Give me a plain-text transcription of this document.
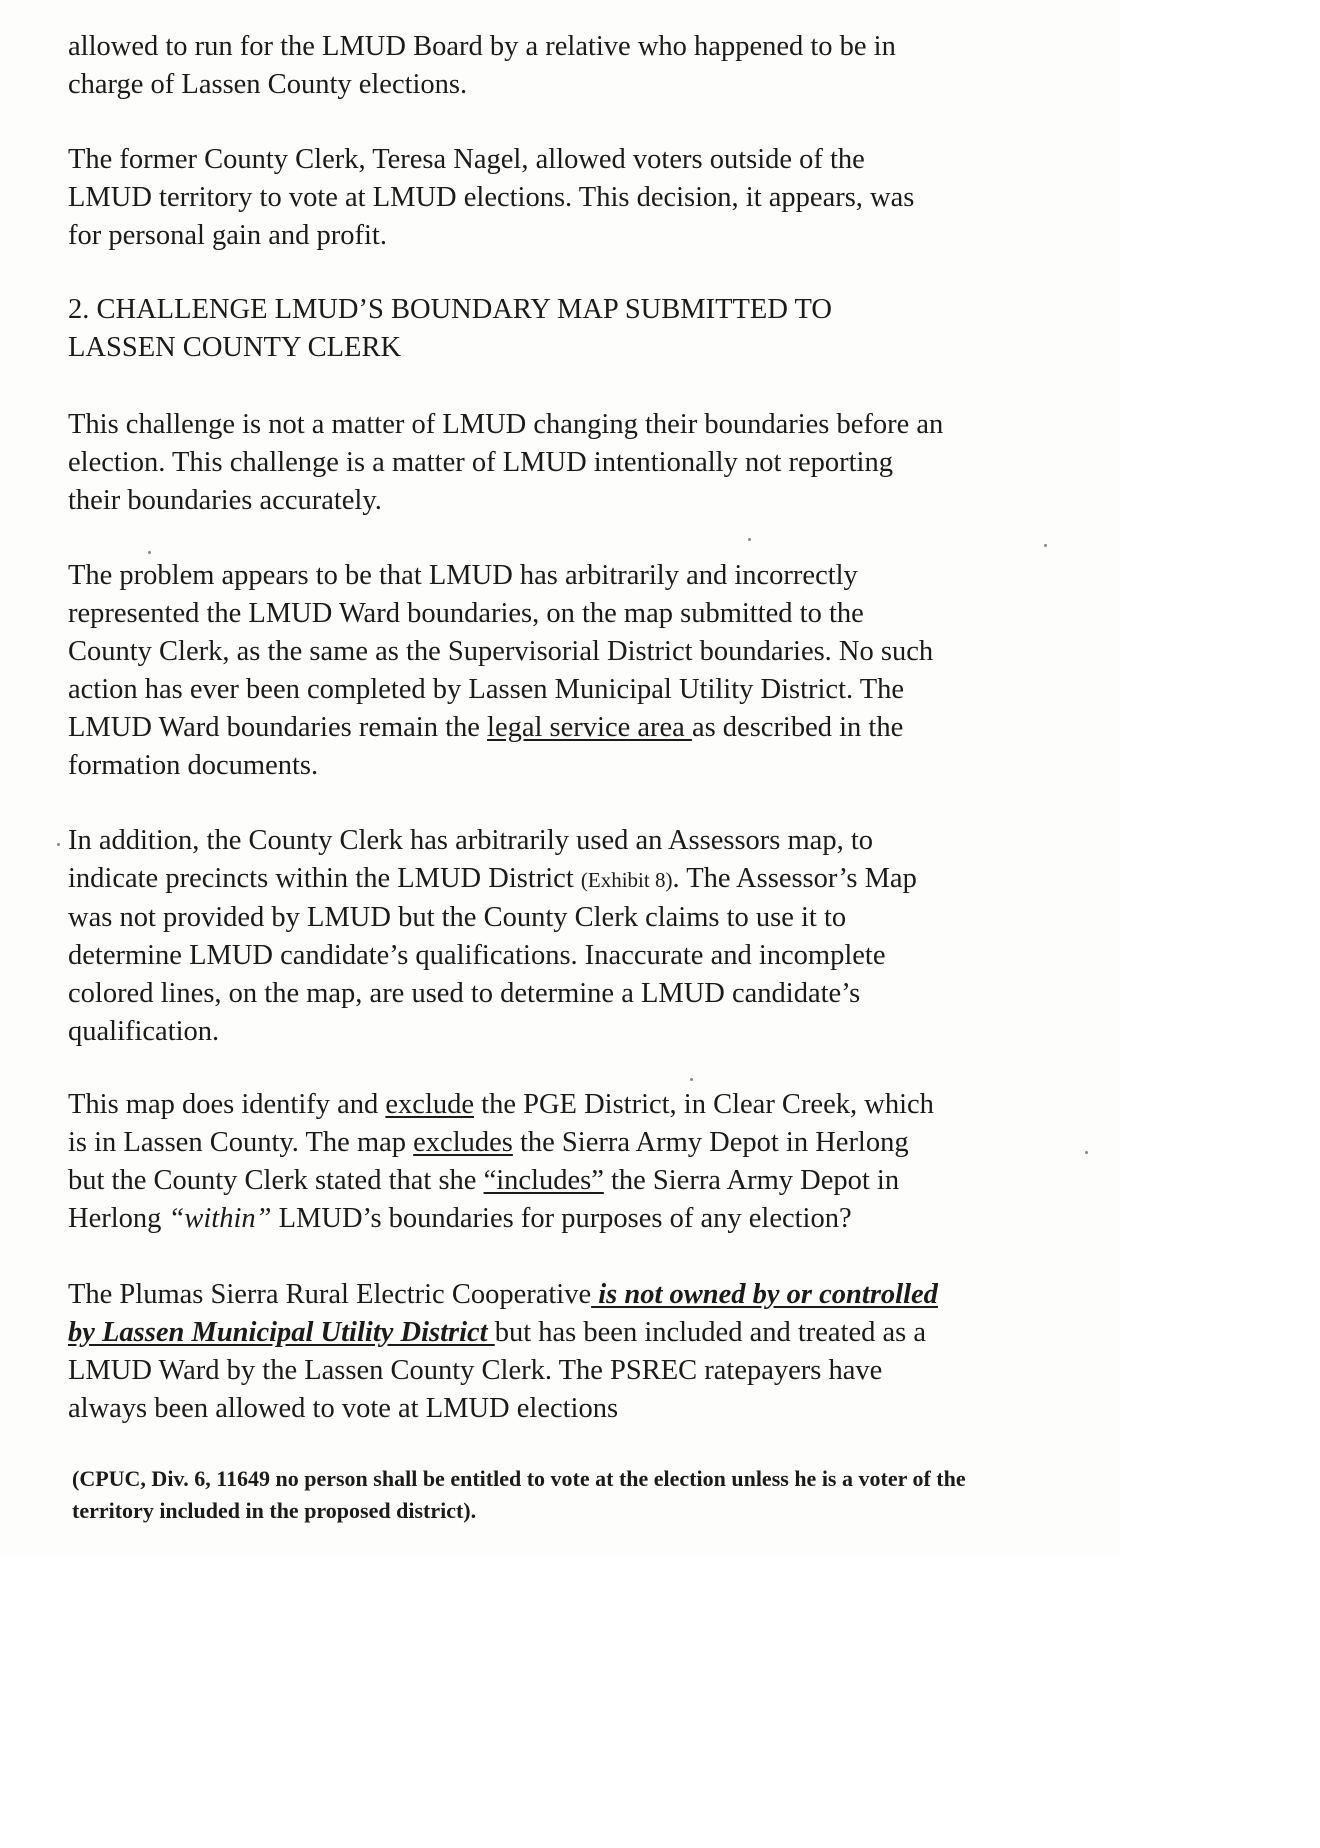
allowed to run for the LMUD Board by a relative who happened to be in
charge of Lassen County elections.

The former County Clerk, Teresa Nagel, allowed voters outside of the
LMUD territory to vote at LMUD elections. This decision, it appears, was
for personal gain and profit.

2. CHALLENGE LMUD’S BOUNDARY MAP SUBMITTED TO
LASSEN COUNTY CLERK

This challenge is not a matter of LMUD changing their boundaries before an
election. This challenge is a matter of LMUD intentionally not reporting
their boundaries accurately.

The problem appears to be that LMUD has arbitrarily and incorrectly
represented the LMUD Ward boundaries, on the map submitted to the
County Clerk, as the same as the Supervisorial District boundaries. No such
action has ever been completed by Lassen Municipal Utility District. The
LMUD Ward boundaries remain the legal service area as described in the
formation documents.

In addition, the County Clerk has arbitrarily used an Assessors map, to
indicate precincts within the LMUD District (Exhibit 8). The Assessor’s Map
was not provided by LMUD but the County Clerk claims to use it to
determine LMUD candidate’s qualifications. Inaccurate and incomplete
colored lines, on the map, are used to determine a LMUD candidate’s
qualification.

This map does identify and exclude the PGE District, in Clear Creek, which
is in Lassen County. The map excludes the Sierra Army Depot in Herlong
but the County Clerk stated that she “includes” the Sierra Army Depot in
Herlong “within” LMUD’s boundaries for purposes of any election?

The Plumas Sierra Rural Electric Cooperative is not owned by or controlled
by Lassen Municipal Utility District but has been included and treated as a
LMUD Ward by the Lassen County Clerk. The PSREC ratepayers have
always been allowed to vote at LMUD elections

(CPUC, Div. 6, 11649 no person shall be entitled to vote at the election unless he is a voter of the
territory included in the proposed district).
